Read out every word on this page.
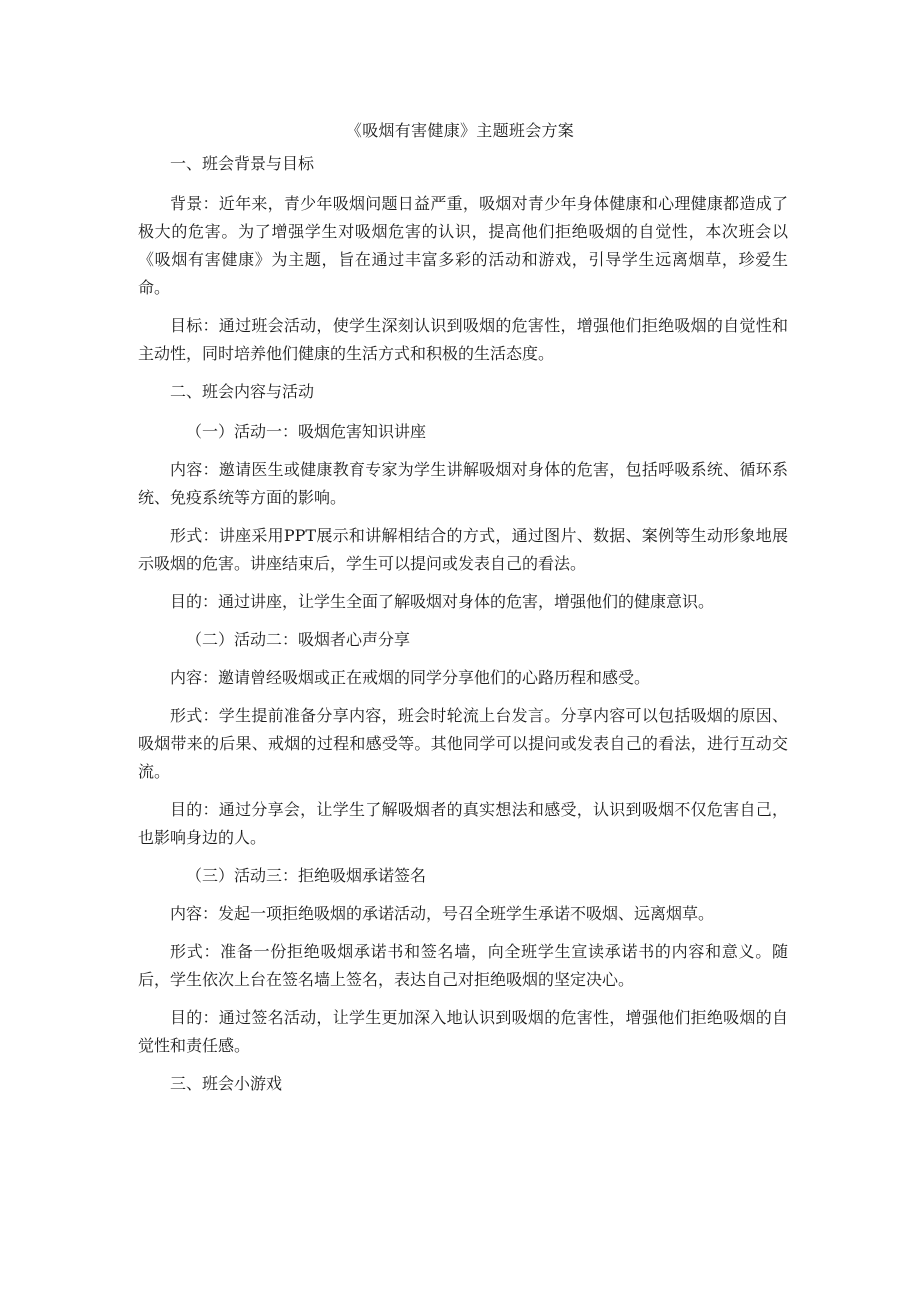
《吸烟有害健康》主题班会方案

一、班会背景与目标

背景：近年来，青少年吸烟问题日益严重，吸烟对青少年身体健康和心理健康都造成了极大的危害。为了增强学生对吸烟危害的认识，提高他们拒绝吸烟的自觉性，本次班会以《吸烟有害健康》为主题，旨在通过丰富多彩的活动和游戏，引导学生远离烟草，珍爱生命。

目标：通过班会活动，使学生深刻认识到吸烟的危害性，增强他们拒绝吸烟的自觉性和主动性，同时培养他们健康的生活方式和积极的生活态度。

二、班会内容与活动

（一）活动一：吸烟危害知识讲座

内容：邀请医生或健康教育专家为学生讲解吸烟对身体的危害，包括呼吸系统、循环系统、免疫系统等方面的影响。

形式：讲座采用PPT展示和讲解相结合的方式，通过图片、数据、案例等生动形象地展示吸烟的危害。讲座结束后，学生可以提问或发表自己的看法。

目的：通过讲座，让学生全面了解吸烟对身体的危害，增强他们的健康意识。

（二）活动二：吸烟者心声分享

内容：邀请曾经吸烟或正在戒烟的同学分享他们的心路历程和感受。

形式：学生提前准备分享内容，班会时轮流上台发言。分享内容可以包括吸烟的原因、吸烟带来的后果、戒烟的过程和感受等。其他同学可以提问或发表自己的看法，进行互动交流。

目的：通过分享会，让学生了解吸烟者的真实想法和感受，认识到吸烟不仅危害自己，也影响身边的人。

（三）活动三：拒绝吸烟承诺签名

内容：发起一项拒绝吸烟的承诺活动，号召全班学生承诺不吸烟、远离烟草。

形式：准备一份拒绝吸烟承诺书和签名墙，向全班学生宣读承诺书的内容和意义。随后，学生依次上台在签名墙上签名，表达自己对拒绝吸烟的坚定决心。

目的：通过签名活动，让学生更加深入地认识到吸烟的危害性，增强他们拒绝吸烟的自觉性和责任感。

三、班会小游戏
